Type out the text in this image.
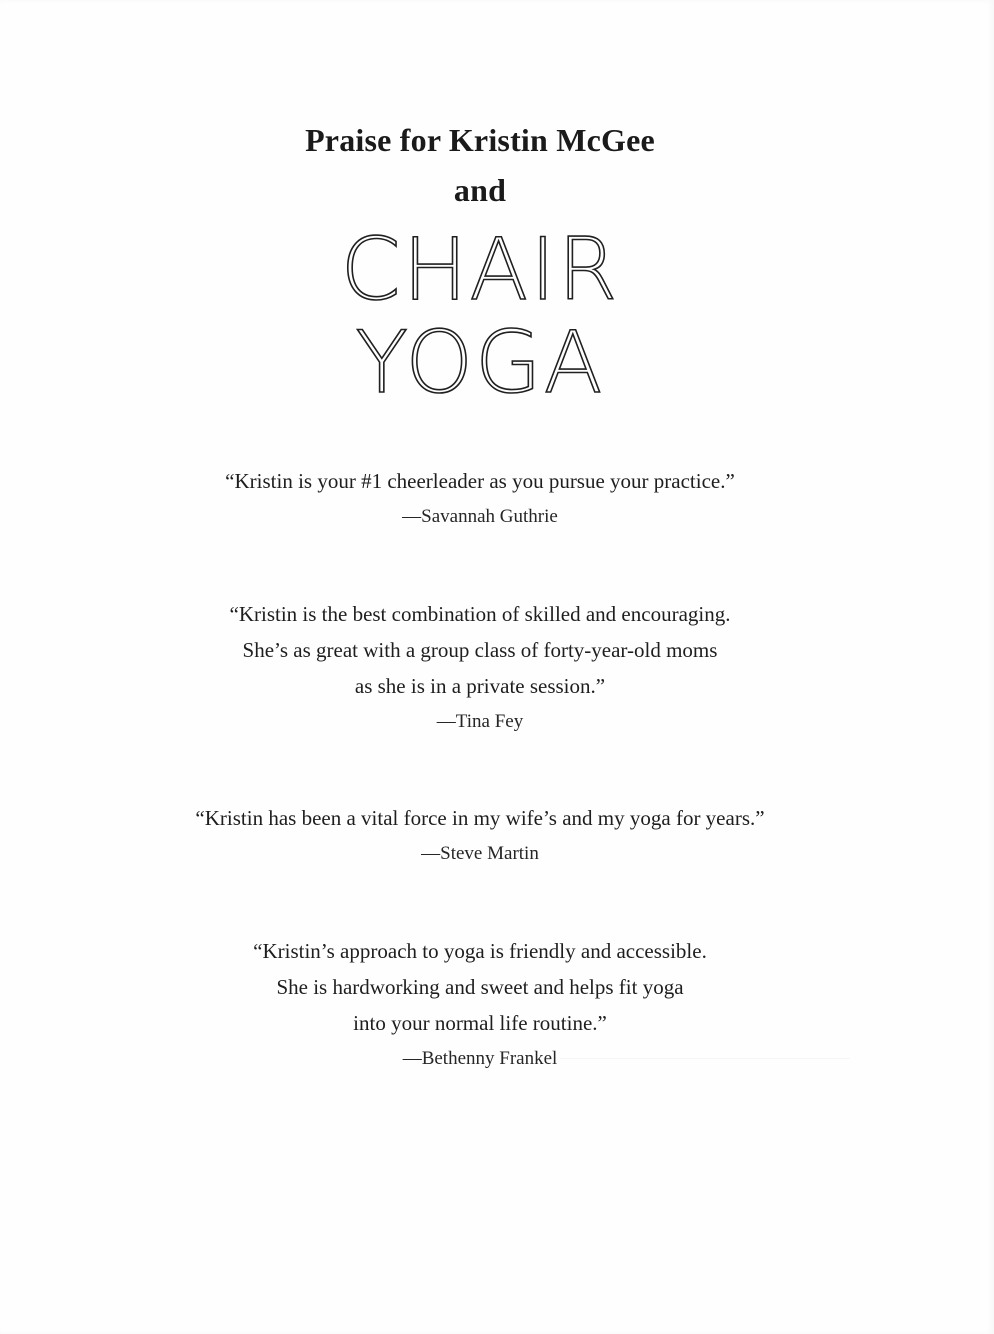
Praise for Kristin McGee
and
CHAIR
YOGA
“Kristin is your #1 cheerleader as you pursue your practice.”
—Savannah Guthrie
“Kristin is the best combination of skilled and encouraging.
She’s as great with a group class of forty-year-old moms
as she is in a private session.”
—Tina Fey
“Kristin has been a vital force in my wife’s and my yoga for years.”
—Steve Martin
“Kristin’s approach to yoga is friendly and accessible.
She is hardworking and sweet and helps fit yoga
into your normal life routine.”
—Bethenny Frankel
